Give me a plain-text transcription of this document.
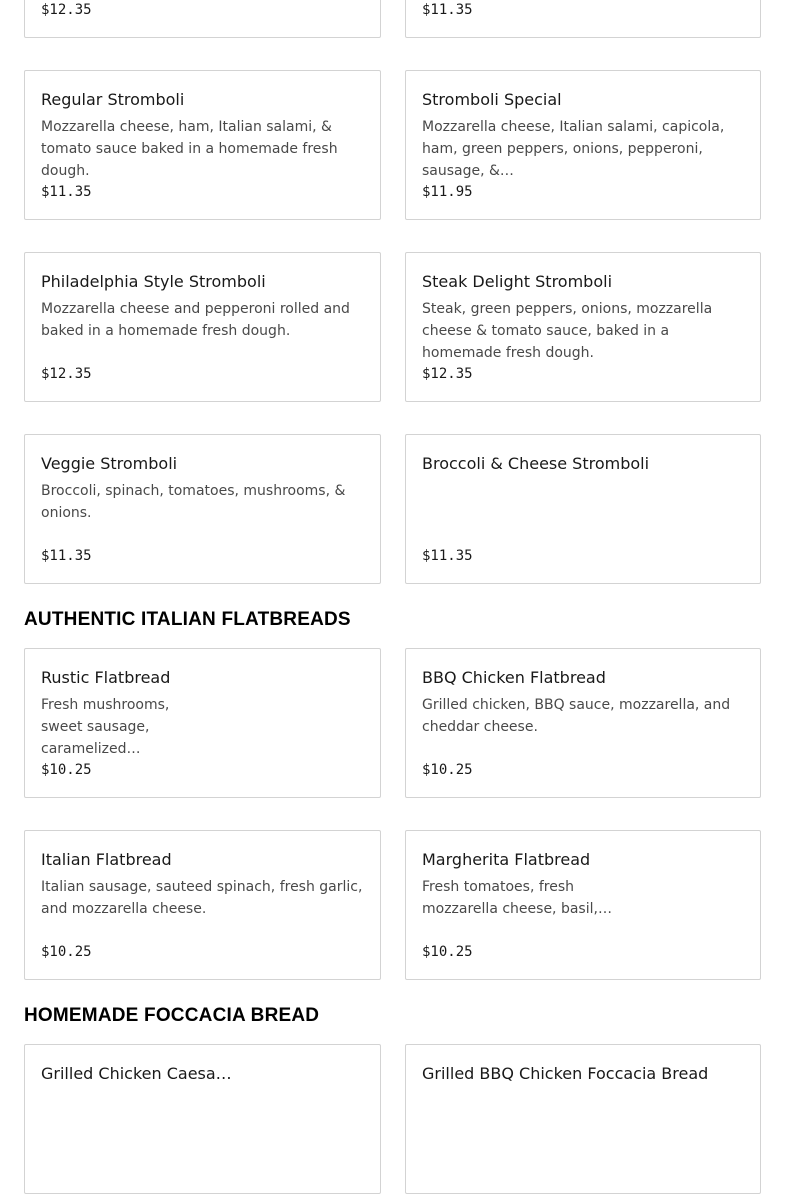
$12.35	$11.35
Regular Stromboli
Mozzarella cheese, ham, Italian salami, & tomato sauce baked in a homemade fresh dough.
$11.35
Stromboli Special
Mozzarella cheese, Italian salami, capicola, ham, green peppers, onions, pepperoni, sausage, &…
$11.95
Philadelphia Style Stromboli
Mozzarella cheese and pepperoni rolled and baked in a homemade fresh dough.
$12.35
Steak Delight Stromboli
Steak, green peppers, onions, mozzarella cheese & tomato sauce, baked in a homemade fresh dough.
$12.35
Veggie Stromboli
Broccoli, spinach, tomatoes, mushrooms, & onions.
$11.35
Broccoli & Cheese Stromboli
$11.35
AUTHENTIC ITALIAN FLATBREADS
Rustic Flatbread
Fresh mushrooms, sweet sausage, caramelized…
$10.25
BBQ Chicken Flatbread
Grilled chicken, BBQ sauce, mozzarella, and cheddar cheese.
$10.25
Italian Flatbread
Italian sausage, sauteed spinach, fresh garlic, and mozzarella cheese.
$10.25
Margherita Flatbread
Fresh tomatoes, fresh mozzarella cheese, basil,…
$10.25
HOMEMADE FOCCACIA BREAD
Grilled Chicken Caesa…	Grilled BBQ Chicken Foccacia Bread
